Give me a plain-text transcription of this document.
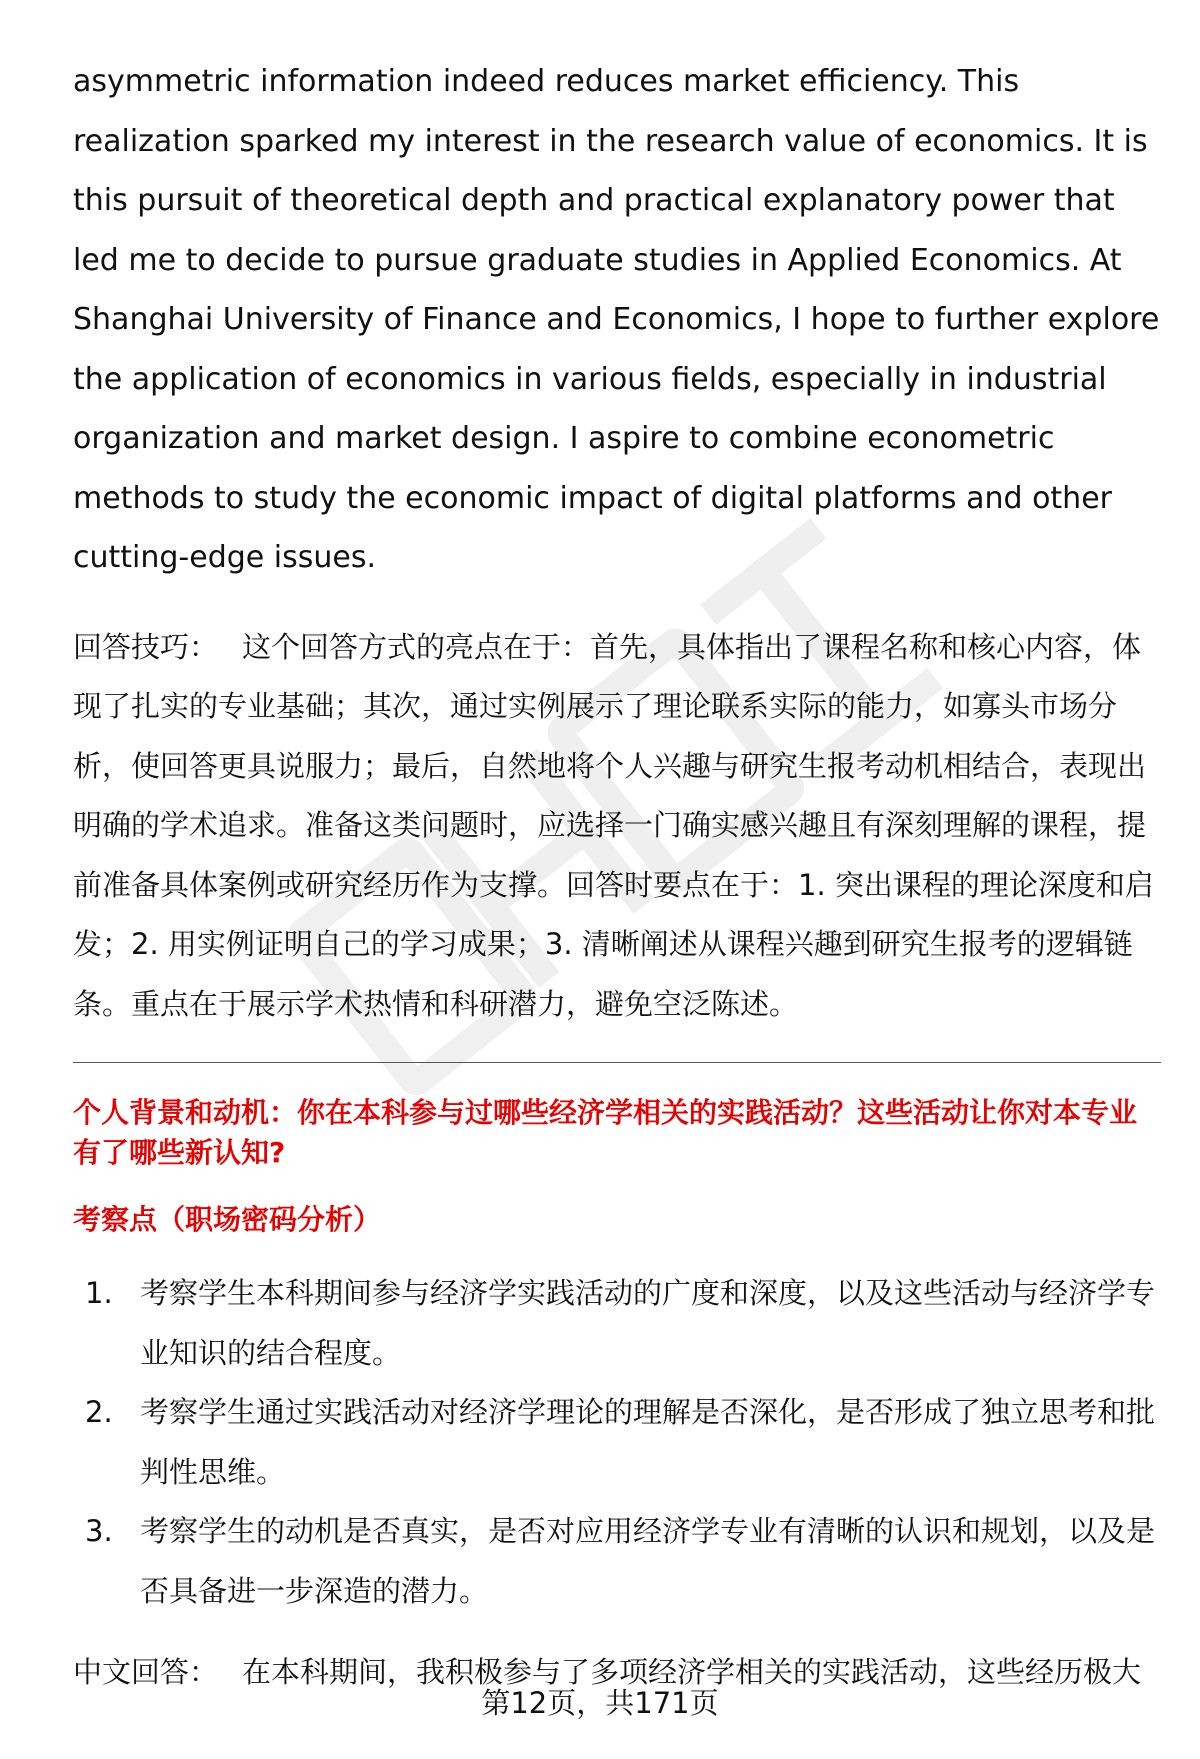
asymmetric information indeed reduces market efficiency. This realization sparked my interest in the research value of economics. It is this pursuit of theoretical depth and practical explanatory power that led me to decide to pursue graduate studies in Applied Economics. At Shanghai University of Finance and Economics, I hope to further explore the application of economics in various fields, especially in industrial organization and market design. I aspire to combine econometric methods to study the economic impact of digital platforms and other cutting-edge issues.

回答技巧： 这个回答方式的亮点在于：首先，具体指出了课程名称和核心内容，体现了扎实的专业基础；其次，通过实例展示了理论联系实际的能力，如寡头市场分析，使回答更具说服力；最后，自然地将个人兴趣与研究生报考动机相结合，表现出明确的学术追求。准备这类问题时，应选择一门确实感兴趣且有深刻理解的课程，提前准备具体案例或研究经历作为支撑。回答时要点在于：1. 突出课程的理论深度和启发；2. 用实例证明自己的学习成果；3. 清晰阐述从课程兴趣到研究生报考的逻辑链条。重点在于展示学术热情和科研潜力，避免空泛陈述。
个人背景和动机：你在本科参与过哪些经济学相关的实践活动？这些活动让你对本专业有了哪些新认知?
考察点（职场密码分析）
1. 考察学生本科期间参与经济学实践活动的广度和深度，以及这些活动与经济学专业知识的结合程度。
2. 考察学生通过实践活动对经济学理论的理解是否深化，是否形成了独立思考和批判性思维。
3. 考察学生的动机是否真实，是否对应用经济学专业有清晰的认识和规划，以及是否具备进一步深造的潜力。
中文回答： 在本科期间，我积极参与了多项经济学相关的实践活动，这些经历极大
第12页，共171页
